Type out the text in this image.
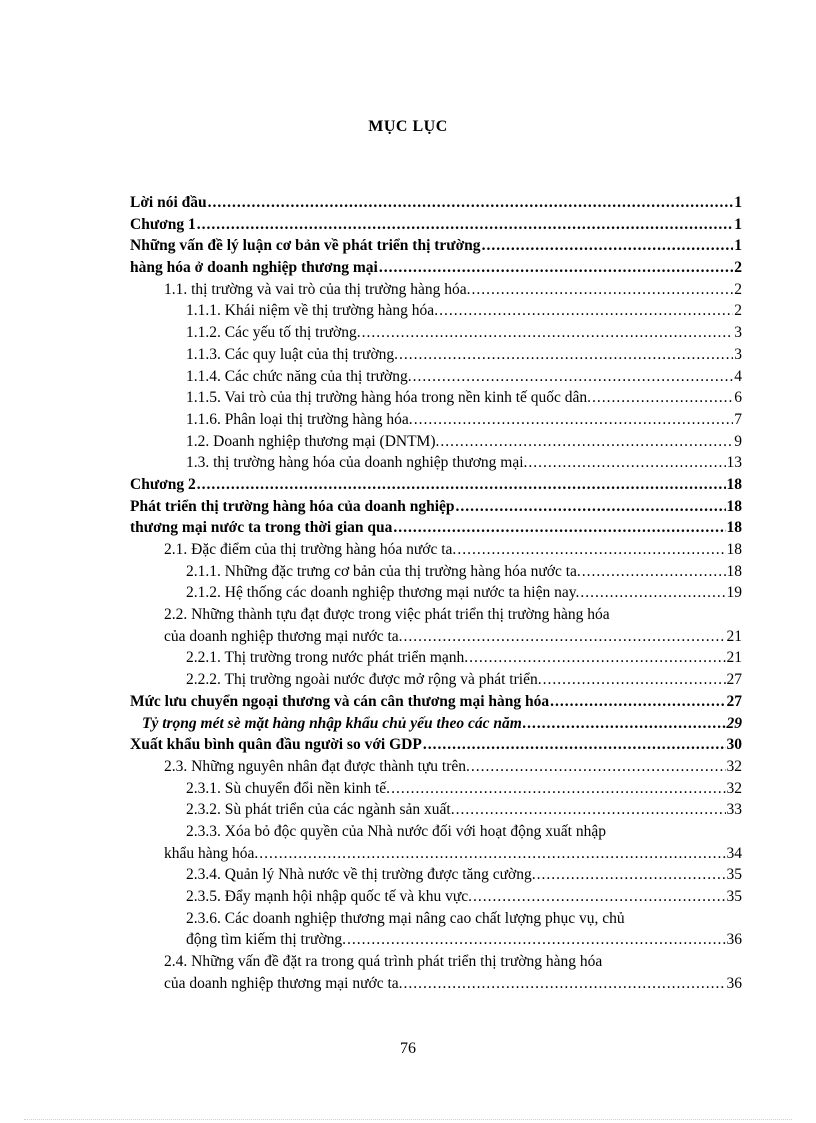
MỤC LỤC
Lời nói đầu .....	1
Chương 1 .....	1
Những vấn đề lý luận cơ bản về phát triển thị trường .....	1
hàng hóa ở doanh nghiệp thương mại .....	2
1.1. thị trường và vai trò của thị trường hàng hóa. .....	2
1.1.1. Khái niệm về thị trường hàng hóa. .....	2
1.1.2. Các yếu tố thị trường. .....	3
1.1.3. Các quy luật của thị trường. .....	3
1.1.4. Các chức năng của thị trường. .....	4
1.1.5. Vai trò của thị trường hàng hóa trong nền kinh tế quốc dân. .....	6
1.1.6. Phân loại thị trường hàng hóa. .....	7
1.2. Doanh nghiệp thương mại (DNTM). .....	9
1.3. thị trường hàng hóa của doanh nghiệp thương mại. .....	13
Chương 2 .....	18
Phát triển thị trường hàng hóa của doanh nghiệp .....	18
thương mại nước ta trong thời gian qua .....	18
2.1. Đặc điểm của thị trường hàng hóa nước ta. .....	18
2.1.1. Những đặc trưng cơ bản của thị trường hàng hóa nước ta. .....	18
2.1.2. Hệ thống các doanh nghiệp thương mại nước ta hiện nay. .....	19
2.2. Những thành tựu đạt được trong việc phát triển thị trường hàng hóa
của doanh nghiệp thương mại nước ta. .....	21
2.2.1. Thị trường trong nước phát triển mạnh. .....	21
2.2.2. Thị trường ngoài nước được mở rộng và phát triển. .....	27
Mức lưu chuyển ngoại thương và cán cân thương mại hàng hóa .....	27
Tỷ trọng mét sè mặt hàng nhập khẩu chủ yếu theo các năm .....	29
Xuất khẩu bình quân đầu người so với GDP .....	30
2.3. Những nguyên nhân đạt được thành tựu trên. .....	32
2.3.1. Sù chuyển đổi nền kinh tế. .....	32
2.3.2. Sù phát triển của các ngành sản xuất. .....	33
2.3.3. Xóa bỏ độc quyền của Nhà nước đối với hoạt động xuất nhập
khẩu hàng hóa. .....	34
2.3.4. Quản lý Nhà nước về thị trường được tăng cường. .....	35
2.3.5. Đẩy mạnh hội nhập quốc tế và khu vực. .....	35
2.3.6. Các doanh nghiệp thương mại nâng cao chất lượng phục vụ, chủ
động tìm kiếm thị trường. .....	36
2.4. Những vấn đề đặt ra trong quá trình phát triển thị trường hàng hóa
của doanh nghiệp thương mại nước ta. .....	36
76
